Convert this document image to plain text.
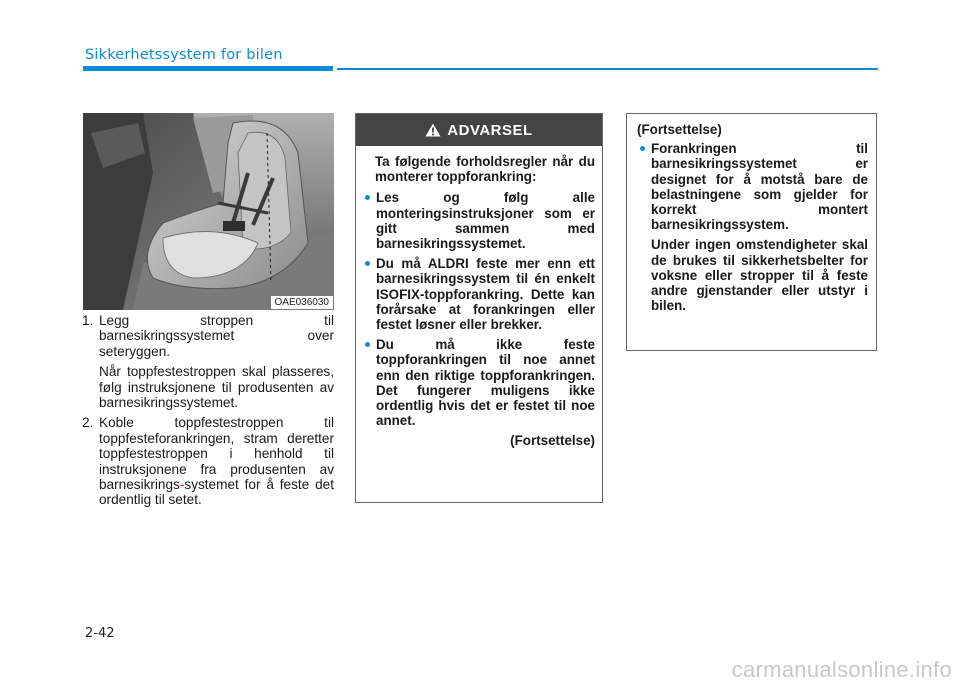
Sikkerhetssystem for bilen
OAE036030
1. Legg stroppen til barnesikringssystemet over seteryggen.
Når toppfestestroppen skal plasseres, følg instruksjonene til produsenten av barnesikringssystemet.
2. Koble toppfestestroppen til toppfesteforankringen, stram deretter toppfestestroppen i henhold til instruksjonene fra produsenten av barnesikrings-systemet for å feste det ordentlig til setet.
ADVARSEL
Ta følgende forholdsregler når du monterer toppforankring:
Les og følg alle monteringsinstruksjoner som er gitt sammen med barnesikringssystemet.
Du må ALDRI feste mer enn ett barnesikringssystem til én enkelt ISOFIX-toppforankring. Dette kan forårsake at forankringen eller festet løsner eller brekker.
Du må ikke feste toppforankringen til noe annet enn den riktige toppforankringen. Det fungerer muligens ikke ordentlig hvis det er festet til noe annet.
(Fortsettelse)
(Fortsettelse)
Forankringen til barnesikringssystemet er designet for å motstå bare de belastningene som gjelder for korrekt montert barnesikringssystem.
Under ingen omstendigheter skal de brukes til sikkerhetsbelter for voksne eller stropper til å feste andre gjenstander eller utstyr i bilen.
2-42
carmanualsonline.info
